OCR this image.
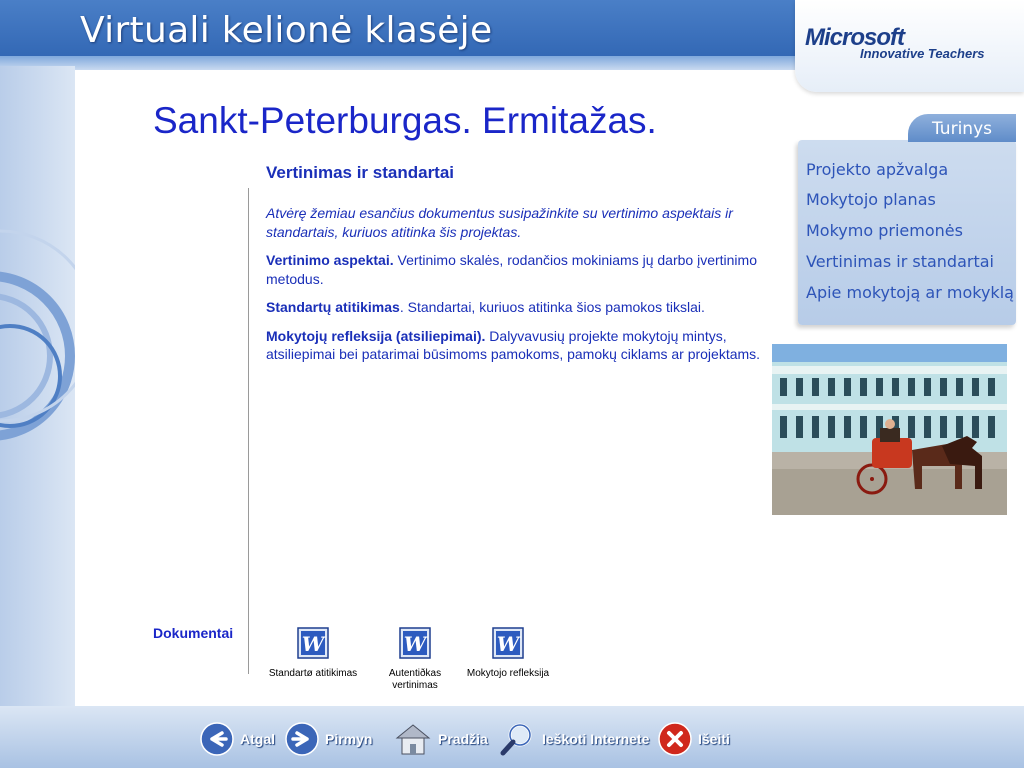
Virtuali kelionė klasėje	Microsoft
Innovative Teachers
Sankt-Peterburgas. Ermitažas.
Vertinimas ir standartai

Atvėrę žemiau esančius dokumentus susipažinkite su vertinimo aspektais ir standartais, kuriuos atitinka šis projektas.

Vertinimo aspektai. Vertinimo skalės, rodančios mokiniams jų darbo įvertinimo metodus.

Standartų atitikimas. Standartai, kuriuos atitinka šios pamokos tikslai.

Mokytojų refleksija (atsiliepimai). Dalyvavusių projekte mokytojų mintys, atsiliepimai bei patarimai būsimoms pamokoms, pamokų ciklams ar projektams.

Turinys
Projekto apžvalga
Mokytojo planas
Mokymo priemonės
Vertinimas ir standartai
Apie mokytoją ar mokyklą
Dokumentai	W
Standartø atitikimas
W
Autentiðkas vertinimas
W
Mokytojo refleksija
Atgal	Pirmyn	Pradžia	Ieškoti Internete	Išeiti
